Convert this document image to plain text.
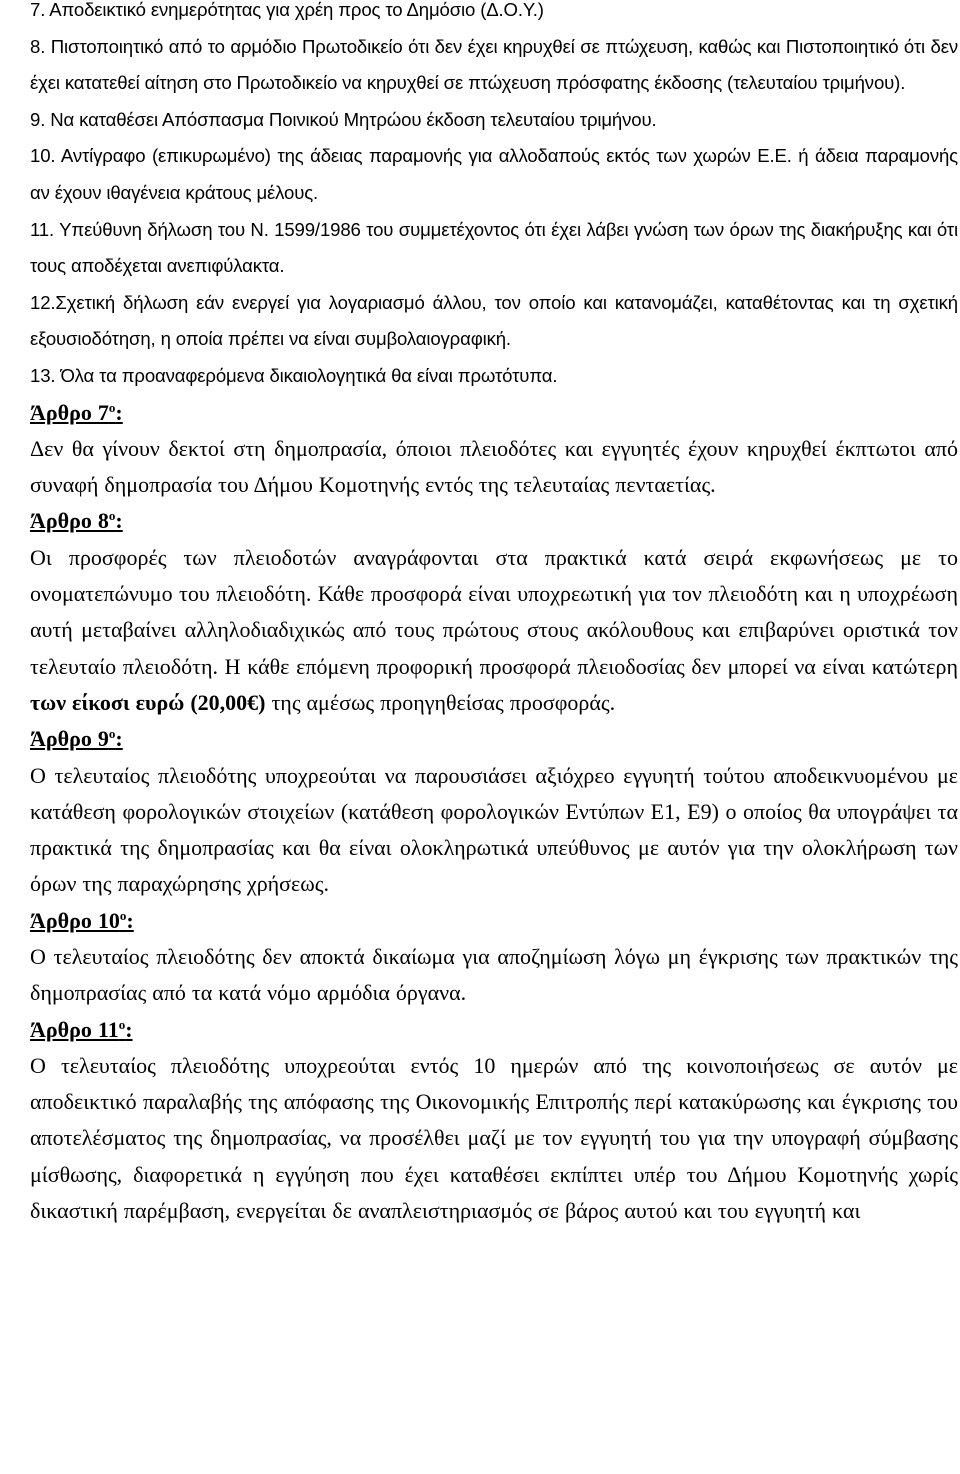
7. Αποδεικτικό ενημερότητας για χρέη προς το Δημόσιο (Δ.Ο.Υ.)

8. Πιστοποιητικό από το αρμόδιο Πρωτοδικείο ότι δεν έχει κηρυχθεί σε πτώχευση, καθώς και Πιστοποιητικό ότι δεν έχει κατατεθεί αίτηση στο Πρωτοδικείο να κηρυχθεί σε πτώχευση πρόσφατης έκδοσης (τελευταίου τριμήνου).

9. Να καταθέσει Απόσπασμα Ποινικού Μητρώου έκδοση τελευταίου τριμήνου.

10. Αντίγραφο (επικυρωμένο) της άδειας παραμονής για αλλοδαπούς εκτός των χωρών Ε.Ε. ή άδεια παραμονής αν έχουν ιθαγένεια κράτους μέλους.

11. Υπεύθυνη δήλωση του Ν. 1599/1986 του συμμετέχοντος ότι έχει λάβει γνώση των όρων της διακήρυξης και ότι τους αποδέχεται ανεπιφύλακτα.

12.Σχετική δήλωση εάν ενεργεί για λογαριασμό άλλου, τον οποίο και κατανομάζει, καταθέτοντας και τη σχετική εξουσιοδότηση, η οποία πρέπει να είναι συμβολαιογραφική.

13. Όλα τα προαναφερόμενα δικαιολογητικά θα είναι πρωτότυπα.

Άρθρο $7^o$:

Δεν θα γίνουν δεκτοί στη δημοπρασία, όποιοι πλειοδότες και εγγυητές έχουν κηρυχθεί έκπτωτοι από συναφή δημοπρασία του Δήμου Κομοτηνής εντός της τελευταίας πενταετίας.

Άρθρο $8^o$:

Οι προσφορές των πλειοδοτών αναγράφονται στα πρακτικά κατά σειρά εκφωνήσεως με το ονοματεπώνυμο του πλειοδότη. Κάθε προσφορά είναι υποχρεωτική για τον πλειοδότη και η υποχρέωση αυτή μεταβαίνει αλληλοδιαδιχικώς από τους πρώτους στους ακόλουθους και επιβαρύνει οριστικά τον τελευταίο πλειοδότη. Η κάθε επόμενη προφορική προσφορά πλειοδοσίας δεν μπορεί να είναι κατώτερη των είκοσι ευρώ (20,00€) της αμέσως προηγηθείσας προσφοράς.

Άρθρο $9^o$:

Ο τελευταίος πλειοδότης υποχρεούται να παρουσιάσει αξιόχρεο εγγυητή τούτου αποδεικνυομένου με κατάθεση φορολογικών στοιχείων (κατάθεση φορολογικών Εντύπων Ε1, Ε9) ο οποίος θα υπογράψει τα πρακτικά της δημοπρασίας και θα είναι ολοκληρωτικά υπεύθυνος με αυτόν για την ολοκλήρωση των όρων της παραχώρησης χρήσεως.

Άρθρο $10^o$:

Ο τελευταίος πλειοδότης δεν αποκτά δικαίωμα για αποζημίωση λόγω μη έγκρισης των πρακτικών της δημοπρασίας από τα κατά νόμο αρμόδια όργανα.

Άρθρο $11^o$:

Ο τελευταίος πλειοδότης υποχρεούται εντός 10 ημερών από της κοινοποιήσεως σε αυτόν με αποδεικτικό παραλαβής της απόφασης της Οικονομικής Επιτροπής περί κατακύρωσης και έγκρισης του αποτελέσματος της δημοπρασίας, να προσέλθει μαζί με τον εγγυητή του για την υπογραφή σύμβασης μίσθωσης, διαφορετικά η εγγύηση που έχει καταθέσει εκπίπτει υπέρ του Δήμου Κομοτηνής χωρίς δικαστική παρέμβαση, ενεργείται δε αναπλειστηριασμός σε βάρος αυτού και του εγγυητή και
